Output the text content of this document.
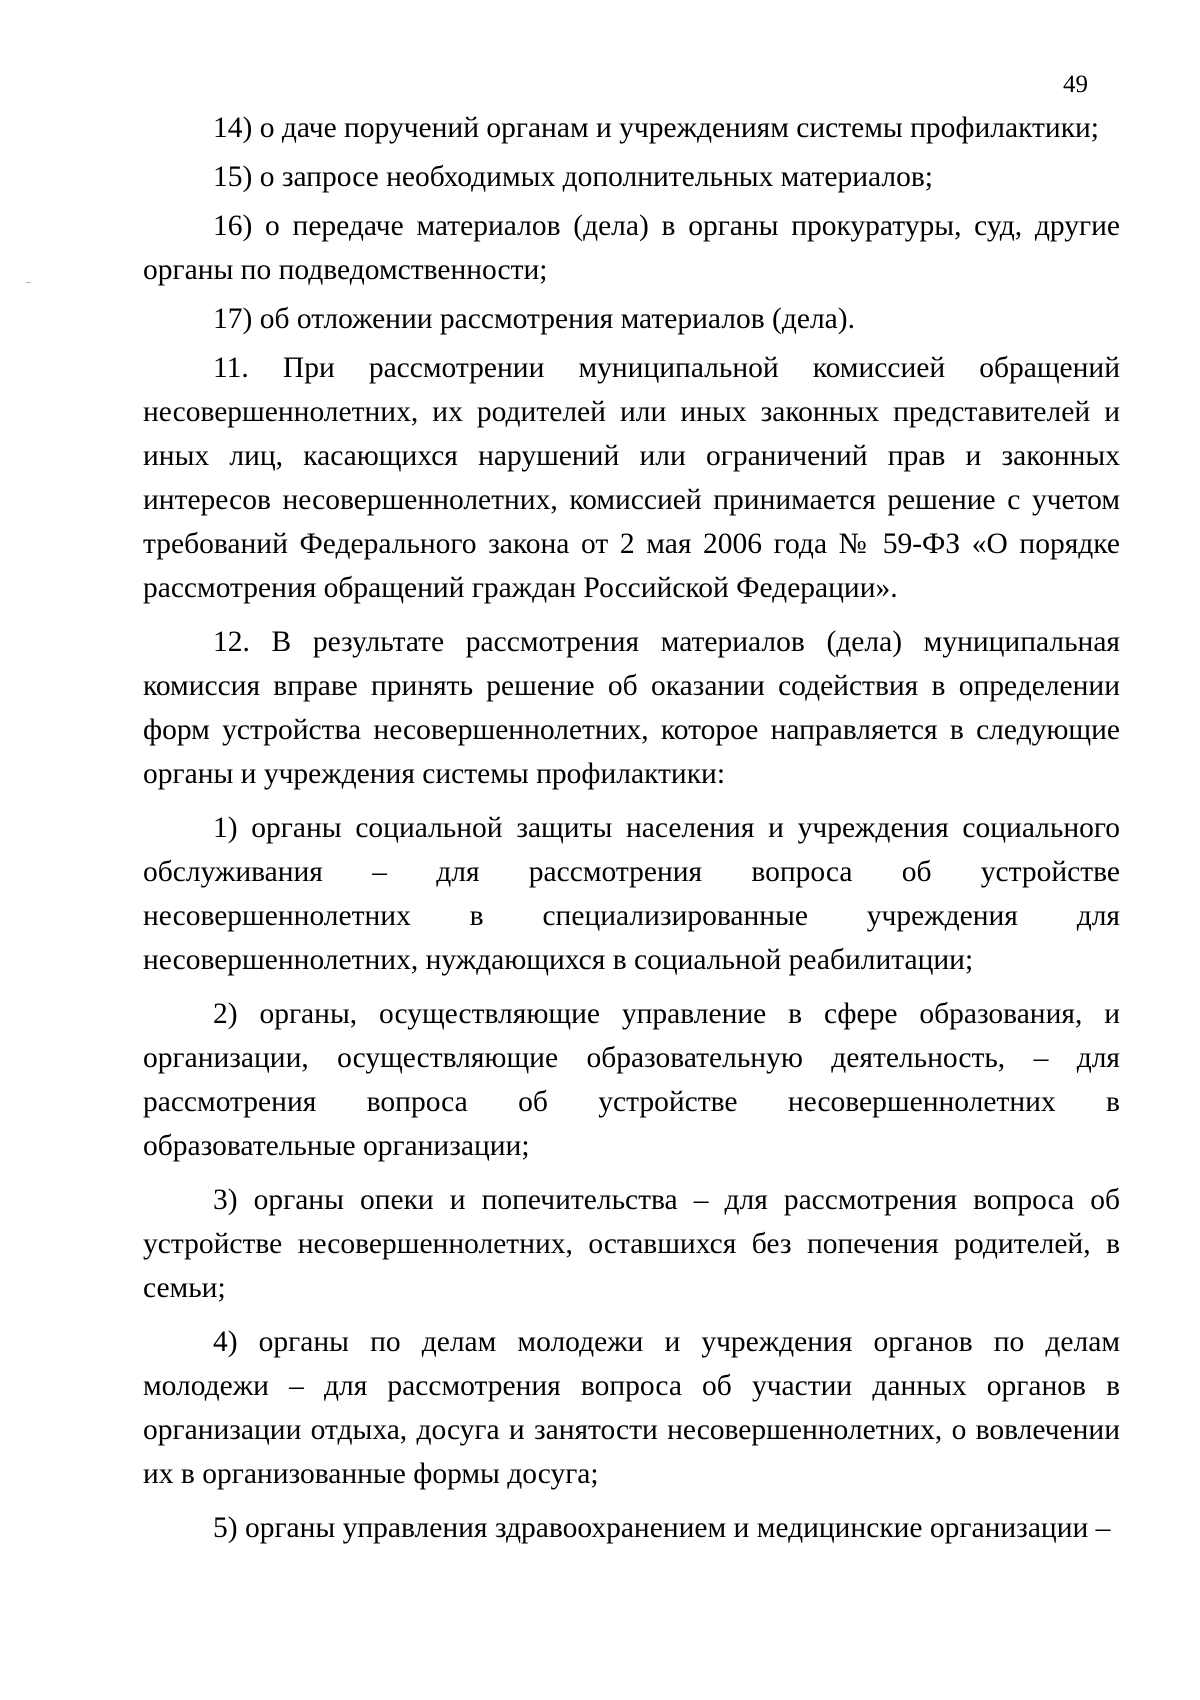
49

14) о даче поручений органам и учреждениям системы профилактики;

15) о запросе необходимых дополнительных материалов;

16) о передаче материалов (дела) в органы прокуратуры, суд, другие органы по подведомственности;

17) об отложении рассмотрения материалов (дела).

11. При рассмотрении муниципальной комиссией обращений несовершеннолетних, их родителей или иных законных представителей и иных лиц, касающихся нарушений или ограничений прав и законных интересов несовершеннолетних, комиссией принимается решение с учетом требований Федерального закона от 2 мая 2006 года № 59-ФЗ «О порядке рассмотрения обращений граждан Российской Федерации».

12. В результате рассмотрения материалов (дела) муниципальная комиссия вправе принять решение об оказании содействия в определении форм устройства несовершеннолетних, которое направляется в следующие органы и учреждения системы профилактики:

1) органы социальной защиты населения и учреждения социального обслуживания – для рассмотрения вопроса об устройстве несовершеннолетних в специализированные учреждения для несовершеннолетних, нуждающихся в социальной реабилитации;

2) органы, осуществляющие управление в сфере образования, и организации, осуществляющие образовательную деятельность, – для рассмотрения вопроса об устройстве несовершеннолетних в образовательные организации;

3) органы опеки и попечительства – для рассмотрения вопроса об устройстве несовершеннолетних, оставшихся без попечения родителей, в семьи;

4) органы по делам молодежи и учреждения органов по делам молодежи – для рассмотрения вопроса об участии данных органов в организации отдыха, досуга и занятости несовершеннолетних, о вовлечении их в организованные формы досуга;

5) органы управления здравоохранением и медицинские организации –
